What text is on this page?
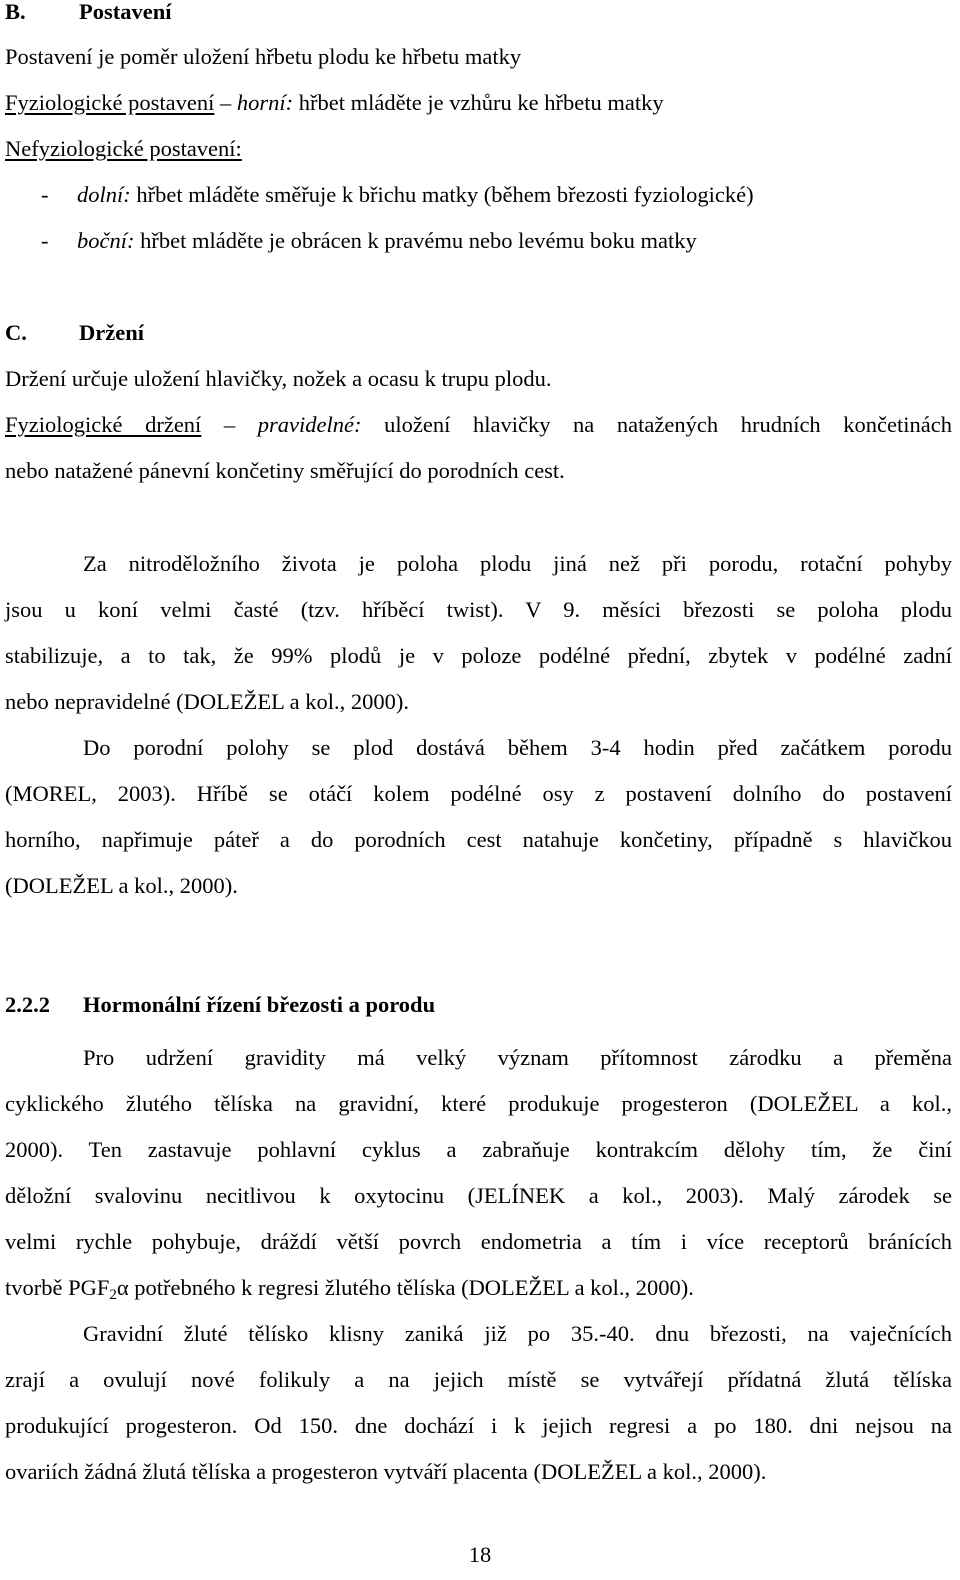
B. Postavení
Postavení je poměr uložení hřbetu plodu ke hřbetu matky
Fyziologické postavení – horní: hřbet mláděte je vzhůru ke hřbetu matky
Nefyziologické postavení:
- dolní: hřbet mláděte směřuje k břichu matky (během březosti fyziologické)
- boční: hřbet mláděte je obrácen k pravému nebo levému boku matky
C. Držení
Držení určuje uložení hlavičky, nožek a ocasu k trupu plodu.
Fyziologické držení – pravidelné: uložení hlavičky na natažených hrudních končetinách
nebo natažené pánevní končetiny směřující do porodních cest.
Za nitroděložního života je poloha plodu jiná než při porodu, rotační pohyby
jsou u koní velmi časté (tzv. hříběcí twist). V 9. měsíci březosti se poloha plodu
stabilizuje, a to tak, že 99% plodů je v poloze podélné přední, zbytek v podélné zadní
nebo nepravidelné (DOLEŽEL a kol., 2000).
Do porodní polohy se plod dostává během 3-4 hodin před začátkem porodu
(MOREL, 2003). Hříbě se otáčí kolem podélné osy z postavení dolního do postavení
horního, napřimuje páteř a do porodních cest natahuje končetiny, případně s hlavičkou
(DOLEŽEL a kol., 2000).
2.2.2 Hormonální řízení březosti a porodu
Pro udržení gravidity má velký význam přítomnost zárodku a přeměna
cyklického žlutého tělíska na gravidní, které produkuje progesteron (DOLEŽEL a kol.,
2000). Ten zastavuje pohlavní cyklus a zabraňuje kontrakcím dělohy tím, že činí
děložní svalovinu necitlivou k oxytocinu (JELÍNEK a kol., 2003). Malý zárodek se
velmi rychle pohybuje, dráždí větší povrch endometria a tím i více receptorů bránících
tvorbě $PGF_2\alpha$ potřebného k regresi žlutého tělíska (DOLEŽEL a kol., 2000).
Gravidní žluté tělísko klisny zaniká již po 35.-40. dnu březosti, na vaječnících
zrají a ovulují nové folikuly a na jejich místě se vytvářejí přídatná žlutá tělíska
produkující progesteron. Od 150. dne dochází i k jejich regresi a po 180. dni nejsou na
ovariích žádná žlutá tělíska a progesteron vytváří placenta (DOLEŽEL a kol., 2000).
18
